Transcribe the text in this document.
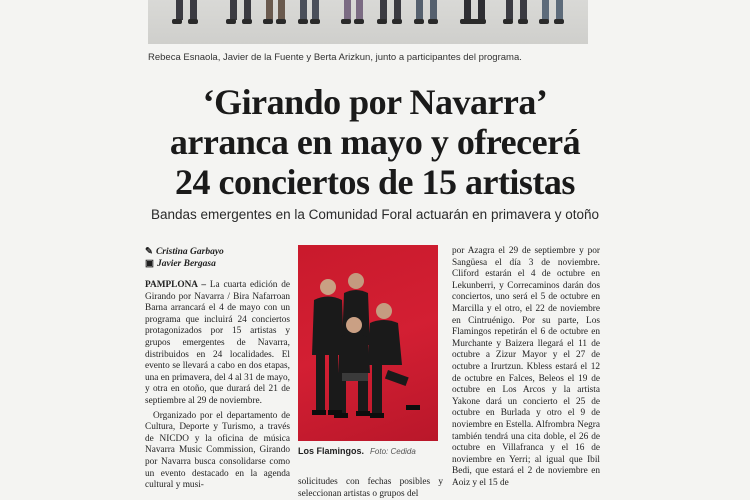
Rebeca Esnaola, Javier de la Fuente y Berta Arizkun, junto a participantes del programa.
‘Girando por Navarra’
arranca en mayo y ofrecerá
24 conciertos de 15 artistas
Bandas emergentes en la Comunidad Foral actuarán en primavera y otoño
✎ Cristina Garbayo
▣ Javier Bergasa

PAMPLONA – La cuarta edición de Girando por Navarra / Bira Nafarroan Barna arrancará el 4 de mayo con un programa que incluirá 24 conciertos protagonizados por 15 artistas y grupos emergentes de Navarra, distribuidos en 24 localidades. El evento se llevará a cabo en dos etapas, una en primavera, del 4 al 31 de mayo, y otra en otoño, que durará del 21 de septiembre al 29 de noviembre.

Organizado por el departamento de Cultura, Deporte y Turismo, a través de NICDO y la oficina de música Navarra Music Commission, Girando por Navarra busca consolidarse como un evento destacado en la agenda cultural y musi-

Los Flamingos. Foto: Cedida

solicitudes con fechas posibles y seleccionan artistas o grupos del

por Azagra el 29 de septiembre y por Sangüesa el día 3 de noviembre. Cliford estarán el 4 de octubre en Lekunberri, y Correcaminos darán dos conciertos, uno será el 5 de octubre en Marcilla y el otro, el 22 de noviembre en Cintruénigo. Por su parte, Los Flamingos repetirán el 6 de octubre en Murchante y Baizera llegará el 11 de octubre a Zizur Mayor y el 27 de octubre a Irurtzun. Kbless estará el 12 de octubre en Falces, Beleos el 19 de octubre en Los Arcos y la artista Yakone dará un concierto el 25 de octubre en Burlada y otro el 9 de noviembre en Estella. Alfrombra Negra también tendrá una cita doble, el 26 de octubre en Villafranca y el 16 de noviembre en Yerri; al igual que Ibil Bedi, que estará el 2 de noviembre en Aoiz y el 15 de
